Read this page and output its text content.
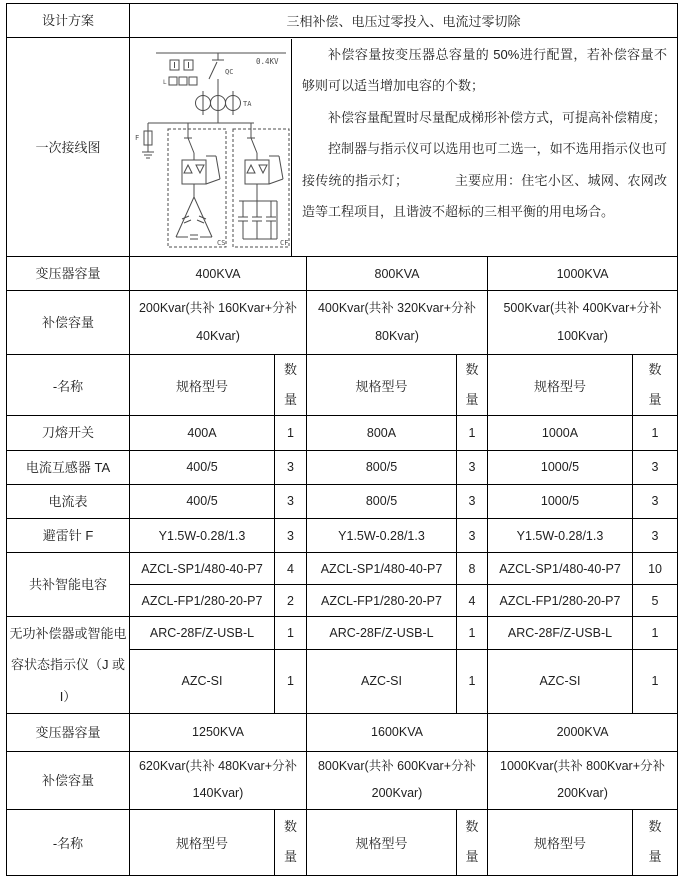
设计方案	三相补偿、电压过零投入、电流过零切除					
一次接线图	
0.4KV
L
QC
TA
F
CS	CF

补偿容量按变压器总容量的 50%进行配置，若补偿容量不够则可以适当增加电容的个数；

补偿容量配置时尽量配成梯形补偿方式，可提高补偿精度；

控制器与指示仪可以选用也可二选一，如不选用指示仪也可接传统的指示灯；　　　　主要应用：住宅小区、城网、农网改造等工程项目，且谐波不超标的三相平衡的用电场合。

变压器容量	400KVA		800KVA		1000KVA	
补偿容量	200Kvar(共补 160Kvar+分补 40Kvar)		400Kvar(共补 320Kvar+分补 80Kvar)		500Kvar(共补 400Kvar+分补 100Kvar)	
-名称	规格型号	数量	规格型号	数量	规格型号	数量
刀熔开关	400A	1	800A	1	1000A	1
电流互感器 TA	400/5	3	800/5	3	1000/5	3
电流表	400/5	3	800/5	3	1000/5	3
避雷针 F	Y1.5W-0.28/1.3	3	Y1.5W-0.28/1.3	3	Y1.5W-0.28/1.3	3
共补智能电容	AZCL-SP1/480-40-P7	4	AZCL-SP1/480-40-P7	8	AZCL-SP1/480-40-P7	10
	AZCL-FP1/280-20-P7	2	AZCL-FP1/280-20-P7	4	AZCL-FP1/280-20-P7	5
无功补偿器或智能电容状态指示仪（J 或 I）	ARC-28F/Z-USB-L	1	ARC-28F/Z-USB-L	1	ARC-28F/Z-USB-L	1
	AZC-SI	1	AZC-SI	1	AZC-SI	1
变压器容量	1250KVA		1600KVA		2000KVA	
补偿容量	620Kvar(共补 480Kvar+分补 140Kvar)		800Kvar(共补 600Kvar+分补 200Kvar)		1000Kvar(共补 800Kvar+分补 200Kvar)	
-名称	规格型号	数量	规格型号	数量	规格型号	数量
